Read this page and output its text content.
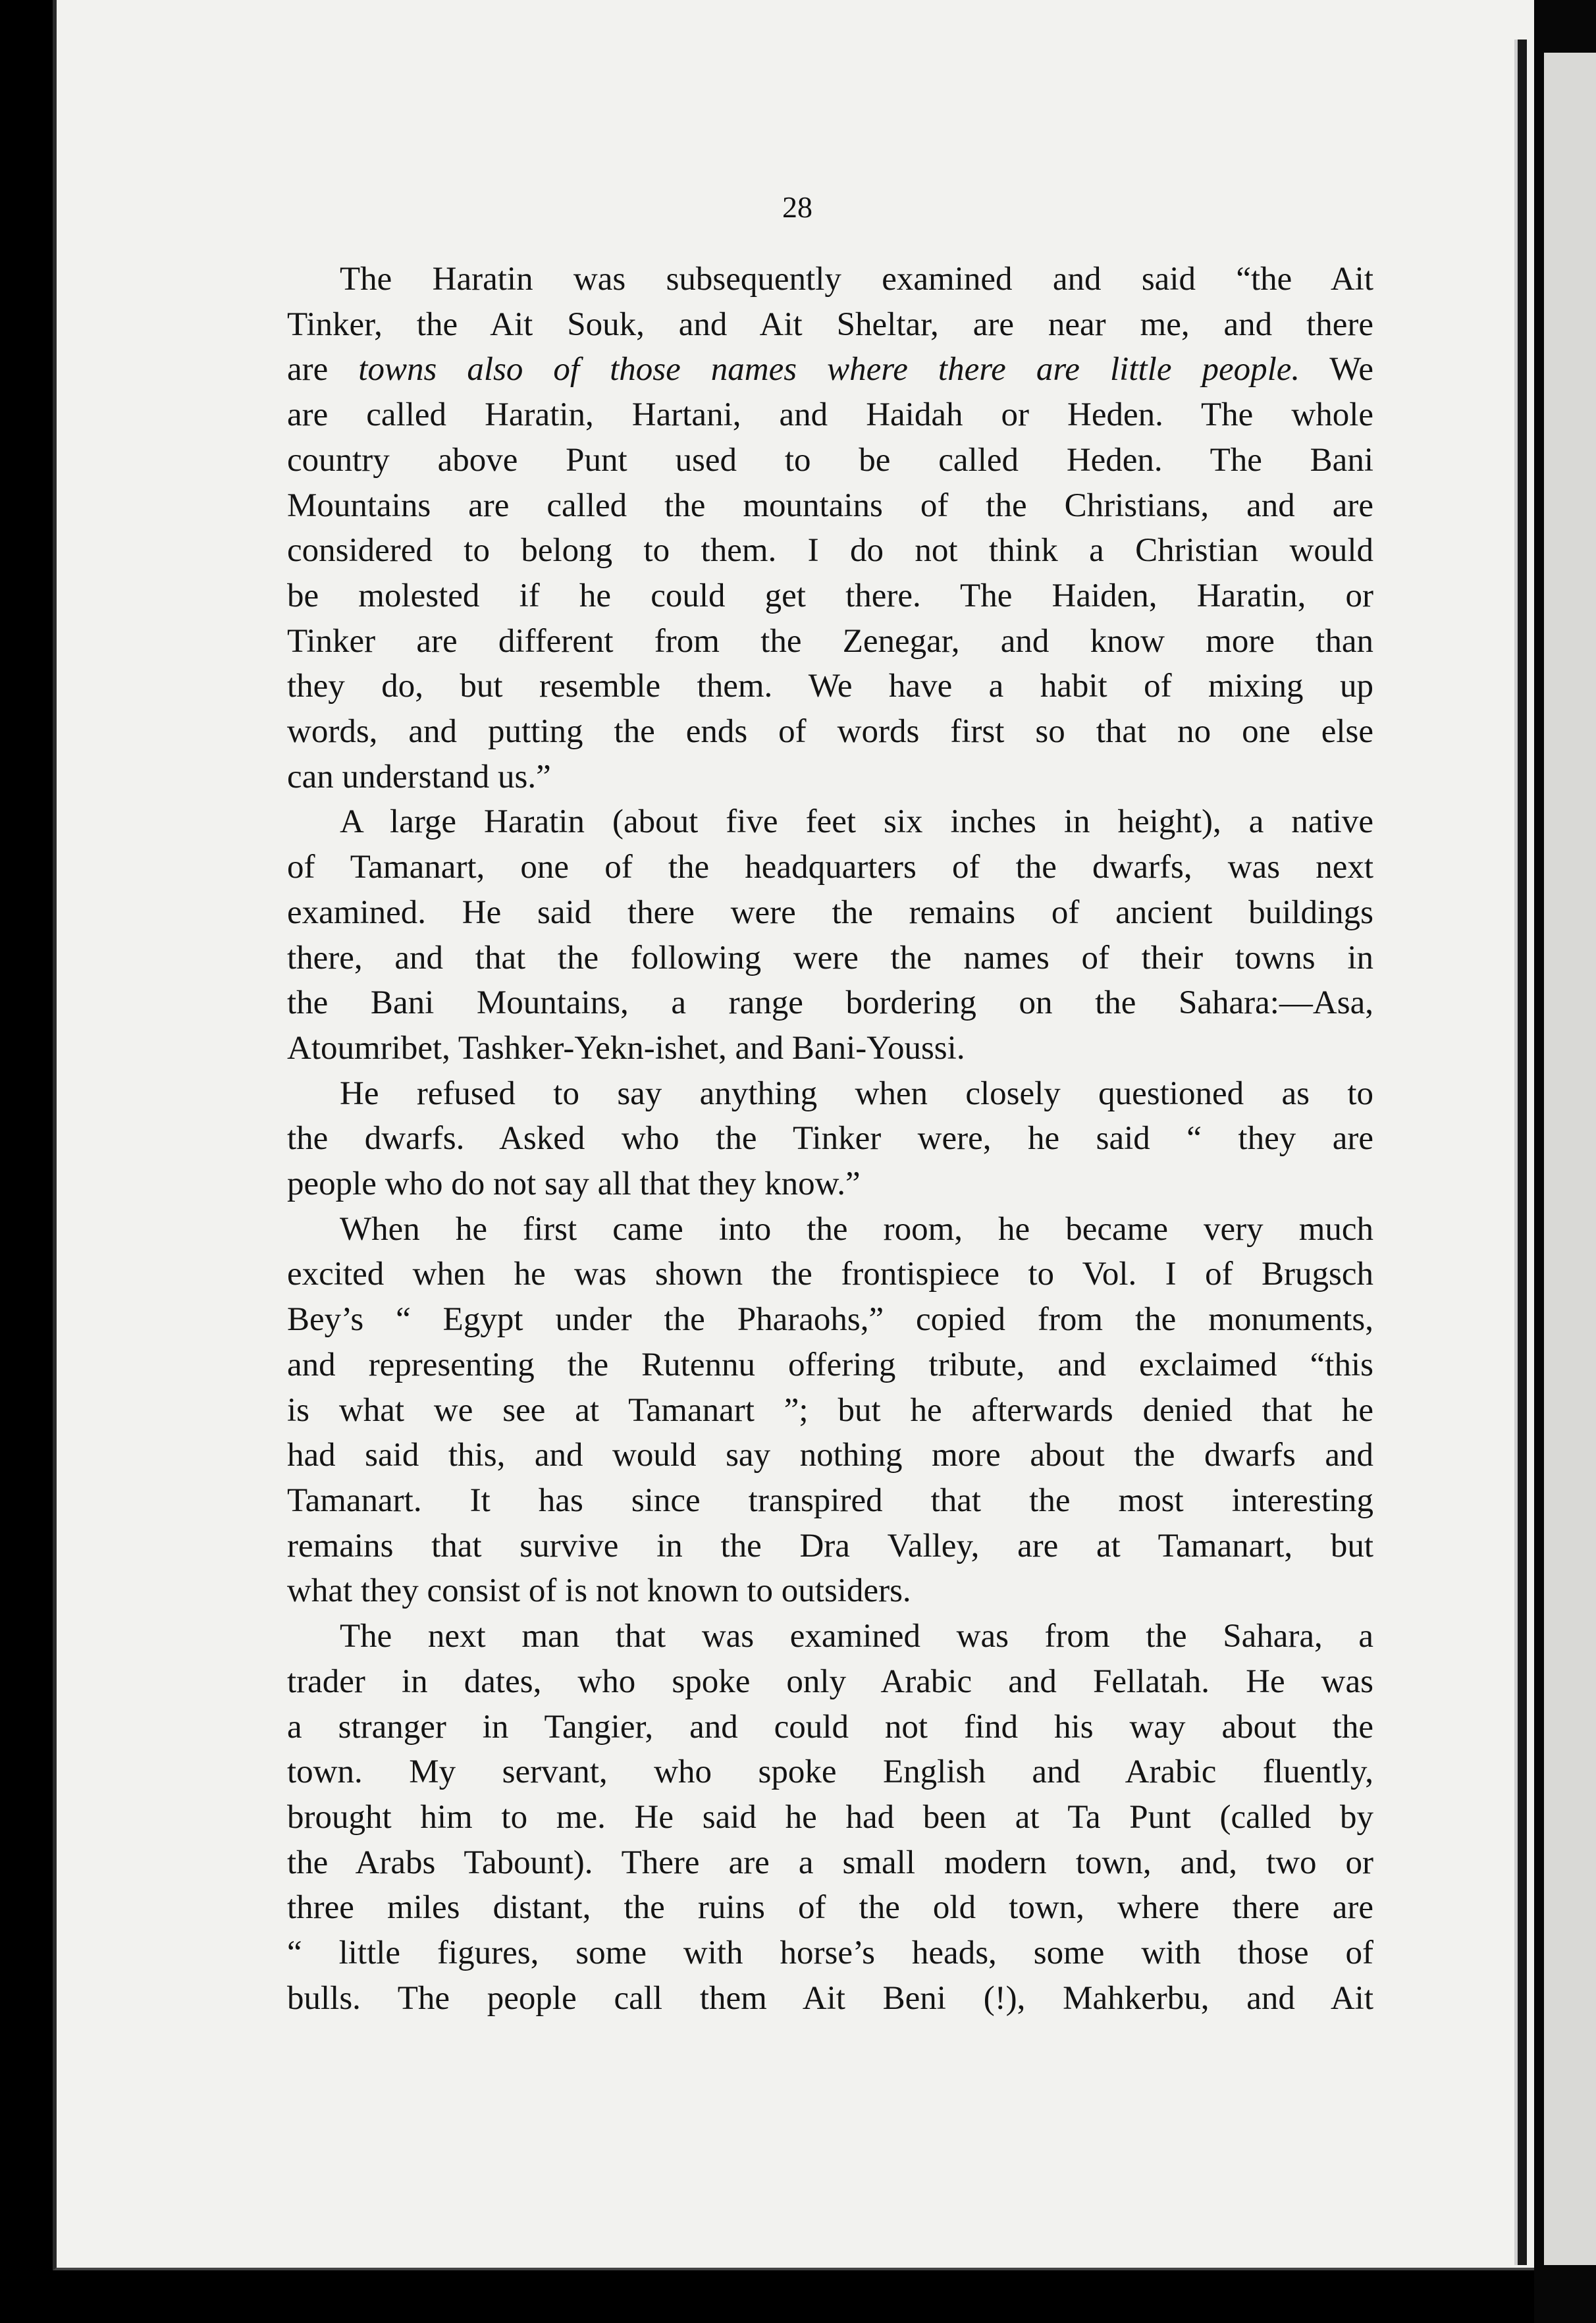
28
The Haratin was subsequently examined and said “the Ait
Tinker, the Ait Souk, and Ait Sheltar, are near me, and there
are towns also of those names where there are little people. We
are called Haratin, Hartani, and Haidah or Heden. The whole
country above Punt used to be called Heden. The Bani
Mountains are called the mountains of the Christians, and are
considered to belong to them. I do not think a Christian would
be molested if he could get there. The Haiden, Haratin, or
Tinker are different from the Zenegar, and know more than
they do, but resemble them. We have a habit of mixing up
words, and putting the ends of words first so that no one else
can understand us.”
A large Haratin (about five feet six inches in height), a native
of Tamanart, one of the headquarters of the dwarfs, was next
examined. He said there were the remains of ancient buildings
there, and that the following were the names of their towns in
the Bani Mountains, a range bordering on the Sahara:—Asa,
Atoumribet, Tashker-Yekn-ishet, and Bani-Youssi.
He refused to say anything when closely questioned as to
the dwarfs. Asked who the Tinker were, he said “ they are
people who do not say all that they know.”
When he first came into the room, he became very much
excited when he was shown the frontispiece to Vol. I of Brugsch
Bey’s “ Egypt under the Pharaohs,” copied from the monuments,
and representing the Rutennu offering tribute, and exclaimed “this
is what we see at Tamanart ”; but he afterwards denied that he
had said this, and would say nothing more about the dwarfs and
Tamanart. It has since transpired that the most interesting
remains that survive in the Dra Valley, are at Tamanart, but
what they consist of is not known to outsiders.
The next man that was examined was from the Sahara, a
trader in dates, who spoke only Arabic and Fellatah. He was
a stranger in Tangier, and could not find his way about the
town. My servant, who spoke English and Arabic fluently,
brought him to me. He said he had been at Ta Punt (called by
the Arabs Tabount). There are a small modern town, and, two or
three miles distant, the ruins of the old town, where there are
“ little figures, some with horse’s heads, some with those of
bulls. The people call them Ait Beni (!), Mahkerbu, and Ait
